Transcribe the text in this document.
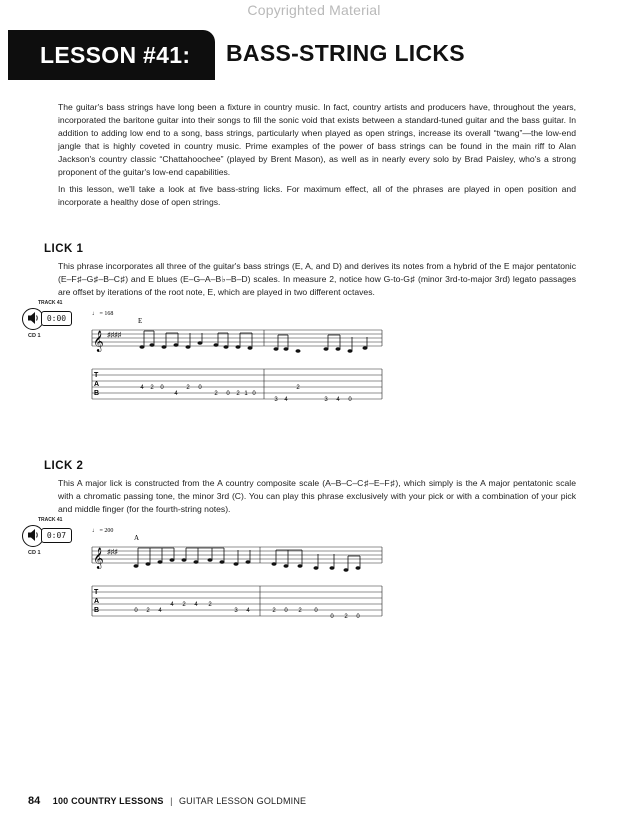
Copyrighted Material
LESSON #41:	BASS-STRING LICKS
The guitar's bass strings have long been a fixture in country music. In fact, country artists and producers have, throughout the years, incorporated the baritone guitar into their songs to fill the sonic void that exists between a standard-tuned guitar and the bass guitar. In addition to adding low end to a song, bass strings, particularly when played as open strings, increase its overall “twang”—the low-end jangle that is highly coveted in country music. Prime examples of the power of bass strings can be found in the main riff to Alan Jackson's country classic “Chattahoochee” (played by Brent Mason), as well as in nearly every solo by Brad Paisley, who's a strong proponent of the guitar's low-end capabilities.
In this lesson, we'll take a look at five bass-string licks. For maximum effect, all of the phrases are played in open position and incorporate a healthy dose of open strings.
LICK 1
This phrase incorporates all three of the guitar's bass strings (E, A, and D) and derives its notes from a hybrid of the E major pentatonic (E–F♯–G♯–B–C♯) and E blues (E–G–A–B♭–B–D) scales. In measure 2, notice how G-to-G♯ (minor 3rd-to-major 3rd) legato passages are offset by iterations of the root note, E, which are played in two different octaves.
TRACK 41
0:00
CD 1
♩ = 168
E
𝄞 ♯♯♯♯
T
A
B
4 2 0
4
2 0
2 0 2 1 0
2
3 4	3 4 0
LICK 2
This A major lick is constructed from the A country composite scale (A–B–C–C♯–E–F♯), which simply is the A major pentatonic scale with a chromatic passing tone, the minor 3rd (C). You can play this phrase exclusively with your pick or with a combination of your pick and middle finger (for the fourth-string notes).
TRACK 41
0:07
CD 1
♩ = 200
A
𝄞 ♯♯♯
T
A
B	0 2 4
4 2 4 2
3 4	2 0 2 0
0 2 0
84 100 COUNTRY LESSONS | GUITAR LESSON GOLDMINE
